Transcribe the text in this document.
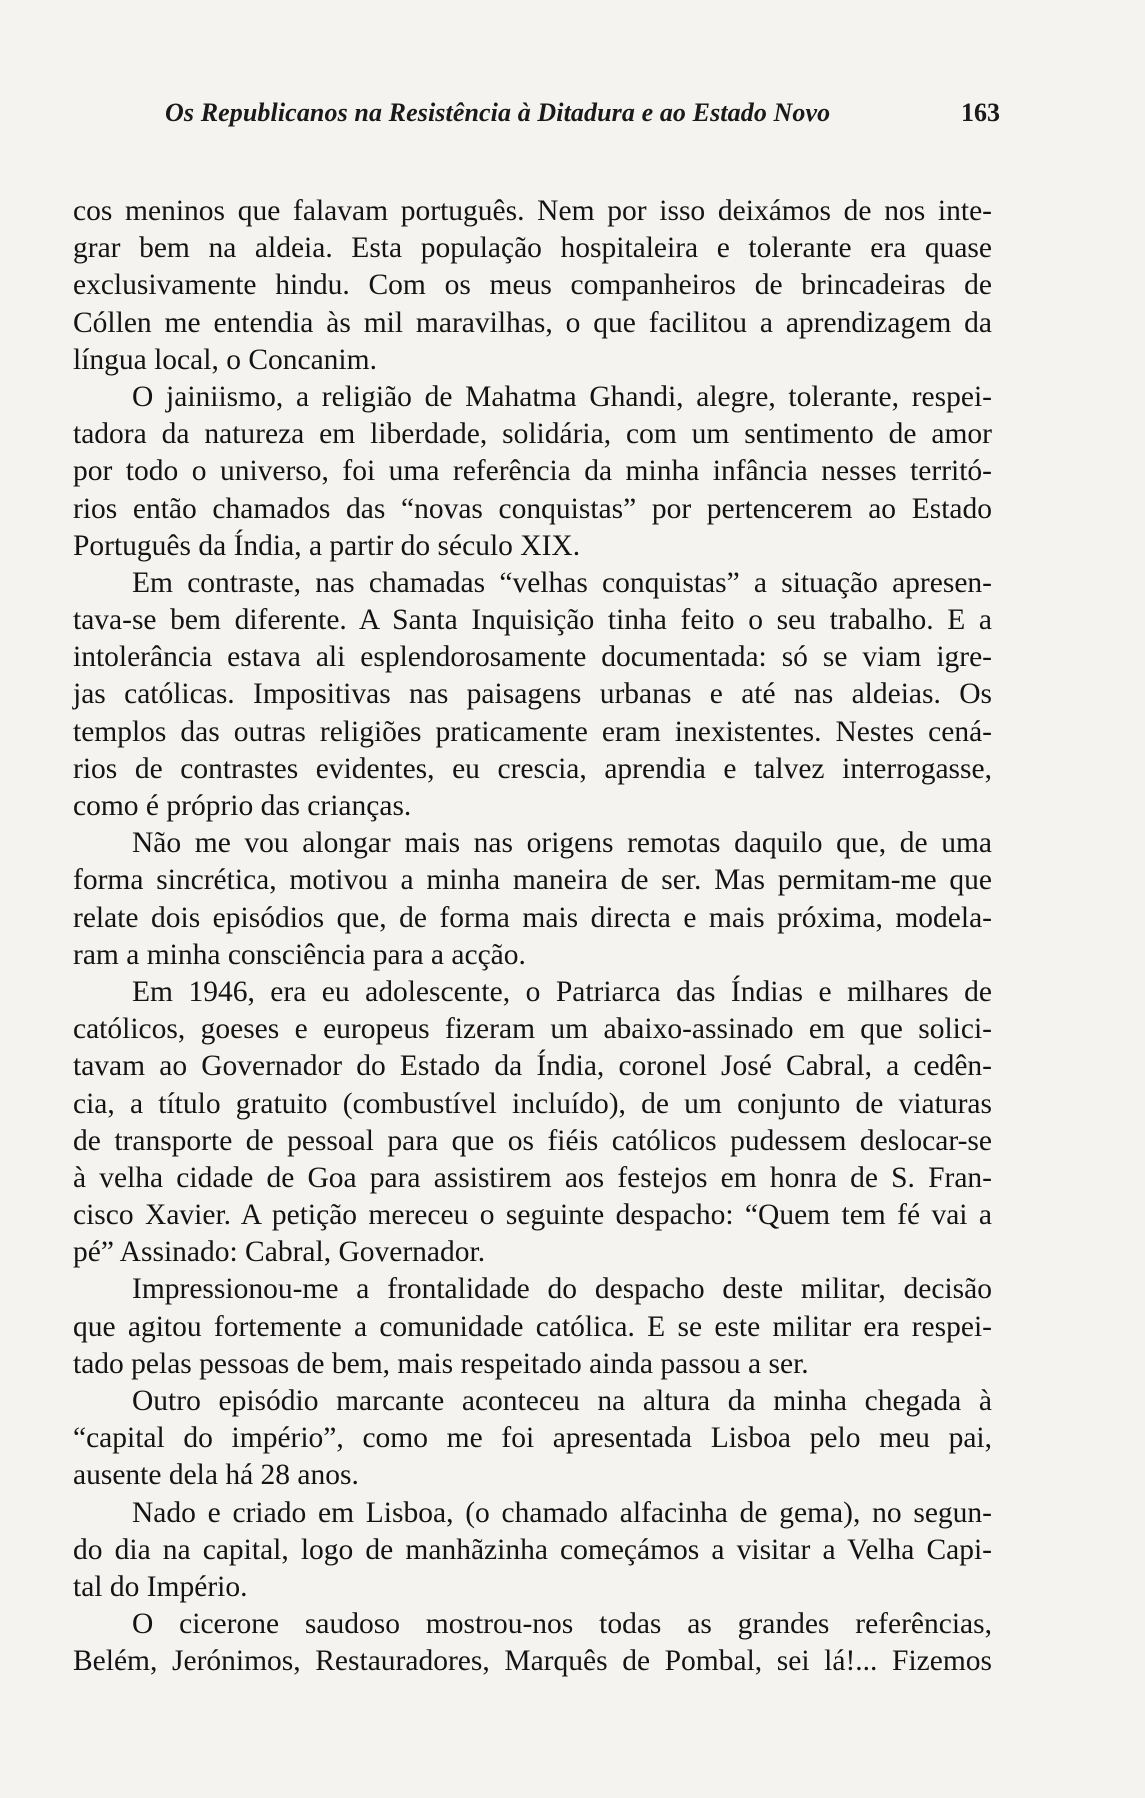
Os Republicanos na Resistência à Ditadura e ao Estado Novo	163
cos meninos que falavam português. Nem por isso deixámos de nos inte-
grar bem na aldeia. Esta população hospitaleira e tolerante era quase
exclusivamente hindu. Com os meus companheiros de brincadeiras de
Cóllen me entendia às mil maravilhas, o que facilitou a aprendizagem da
língua local, o Concanim.
O jainiismo, a religião de Mahatma Ghandi, alegre, tolerante, respei-
tadora da natureza em liberdade, solidária, com um sentimento de amor
por todo o universo, foi uma referência da minha infância nesses territó-
rios então chamados das “novas conquistas” por pertencerem ao Estado
Português da Índia, a partir do século XIX.
Em contraste, nas chamadas “velhas conquistas” a situação apresen-
tava-se bem diferente. A Santa Inquisição tinha feito o seu trabalho. E a
intolerância estava ali esplendorosamente documentada: só se viam igre-
jas católicas. Impositivas nas paisagens urbanas e até nas aldeias. Os
templos das outras religiões praticamente eram inexistentes. Nestes cená-
rios de contrastes evidentes, eu crescia, aprendia e talvez interrogasse,
como é próprio das crianças.
Não me vou alongar mais nas origens remotas daquilo que, de uma
forma sincrética, motivou a minha maneira de ser. Mas permitam-me que
relate dois episódios que, de forma mais directa e mais próxima, modela-
ram a minha consciência para a acção.
Em 1946, era eu adolescente, o Patriarca das Índias e milhares de
católicos, goeses e europeus fizeram um abaixo-assinado em que solici-
tavam ao Governador do Estado da Índia, coronel José Cabral, a cedên-
cia, a título gratuito (combustível incluído), de um conjunto de viaturas
de transporte de pessoal para que os fiéis católicos pudessem deslocar-se
à velha cidade de Goa para assistirem aos festejos em honra de S. Fran-
cisco Xavier. A petição mereceu o seguinte despacho: “Quem tem fé vai a
pé” Assinado: Cabral, Governador.
Impressionou-me a frontalidade do despacho deste militar, decisão
que agitou fortemente a comunidade católica. E se este militar era respei-
tado pelas pessoas de bem, mais respeitado ainda passou a ser.
Outro episódio marcante aconteceu na altura da minha chegada à
“capital do império”, como me foi apresentada Lisboa pelo meu pai,
ausente dela há 28 anos.
Nado e criado em Lisboa, (o chamado alfacinha de gema), no segun-
do dia na capital, logo de manhãzinha começámos a visitar a Velha Capi-
tal do Império.
O cicerone saudoso mostrou-nos todas as grandes referências,
Belém, Jerónimos, Restauradores, Marquês de Pombal, sei lá!... Fizemos
